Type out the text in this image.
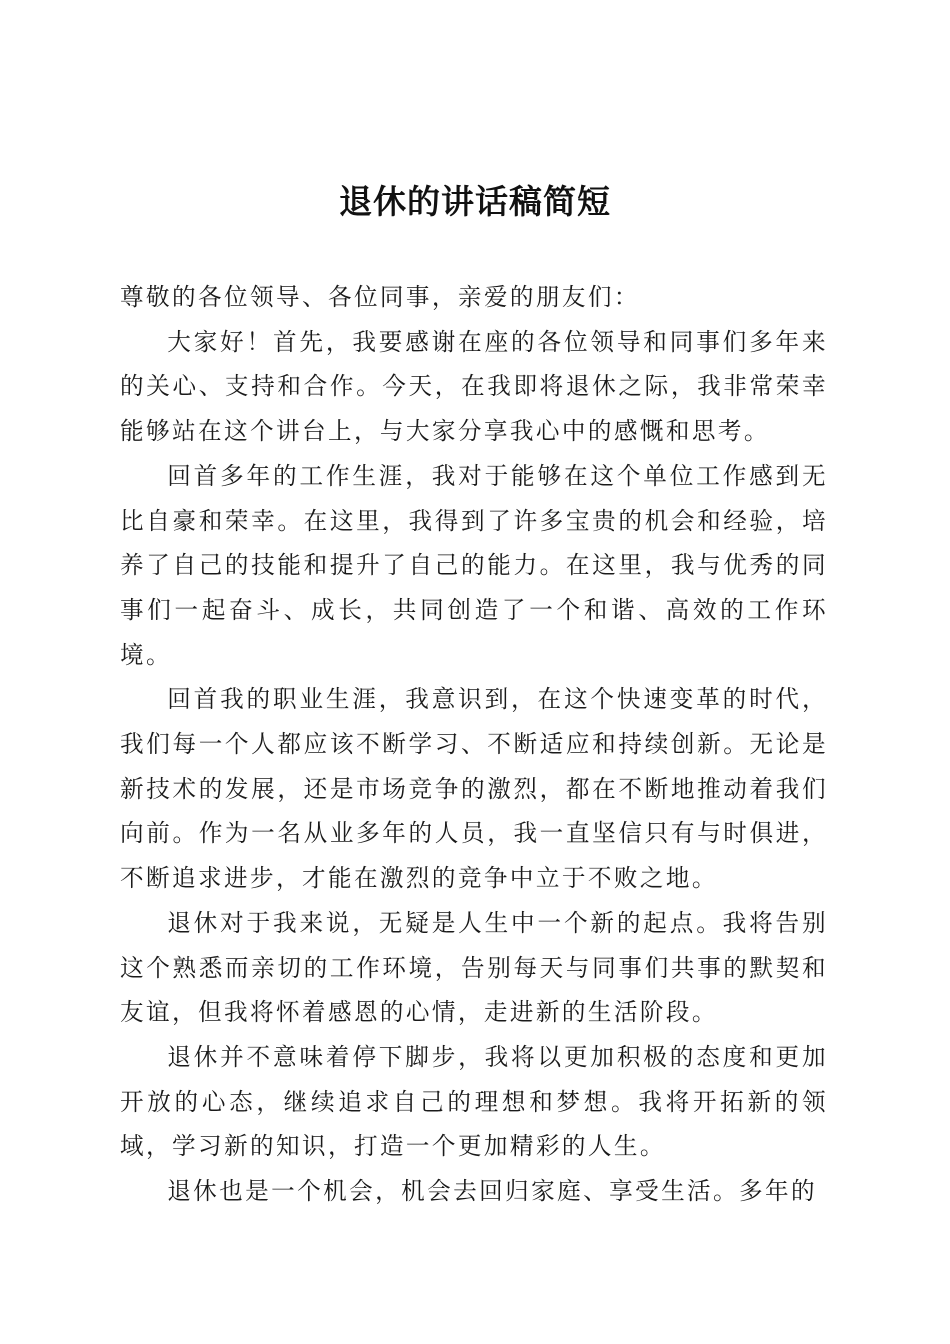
退休的讲话稿简短

尊敬的各位领导、各位同事，亲爱的朋友们：

大家好！首先，我要感谢在座的各位领导和同事们多年来的关心、支持和合作。今天，在我即将退休之际，我非常荣幸能够站在这个讲台上，与大家分享我心中的感慨和思考。

回首多年的工作生涯，我对于能够在这个单位工作感到无比自豪和荣幸。在这里，我得到了许多宝贵的机会和经验，培养了自己的技能和提升了自己的能力。在这里，我与优秀的同事们一起奋斗、成长，共同创造了一个和谐、高效的工作环境。

回首我的职业生涯，我意识到，在这个快速变革的时代，我们每一个人都应该不断学习、不断适应和持续创新。无论是新技术的发展，还是市场竞争的激烈，都在不断地推动着我们向前。作为一名从业多年的人员，我一直坚信只有与时俱进，不断追求进步，才能在激烈的竞争中立于不败之地。

退休对于我来说，无疑是人生中一个新的起点。我将告别这个熟悉而亲切的工作环境，告别每天与同事们共事的默契和友谊，但我将怀着感恩的心情，走进新的生活阶段。

退休并不意味着停下脚步，我将以更加积极的态度和更加开放的心态，继续追求自己的理想和梦想。我将开拓新的领域，学习新的知识，打造一个更加精彩的人生。

退休也是一个机会，机会去回归家庭、享受生活。多年的
